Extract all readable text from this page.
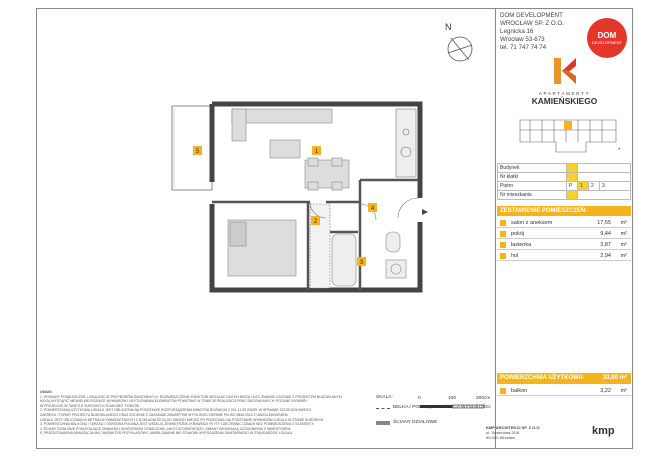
N
DOM DEVELOPMENT
WROCŁAW SP. Z O.O.
Legnicka 16
Wrocław 53-673
tel. 71 747 74 74
DOM
DEVELOPMENT
APARTAMENTY
KAMIEŃSKIEGO
⌖
Budynek				
Nr klatki				
Piętro	P	1	2	3
Nr mieszkania				
ZESTAWIENIE POMIESZCZEŃ:
salon z aneksem	17,55 m²
pokój	9,44 m²
łazienka	3,87 m²
hol	2,94 m²
POWIERZCHNIA UŻYTKOWA:	33,80 m²
balkon	3,22 m²
1
2
3
4
5
UWAGI:
1. WYMIARY POMIESZCZEŃ, LOKALIZACJE PRZYBORÓW SANITARNYCH, ROZMIESZCZENIE PUNKTÓW INSTALACYJNYCH MOGĄ ULEC ZMIANIE ZGODNIE Z PROJEKTEM BUDOWLANYM.
MOGĄ WYSTĄPIĆ NIEWIELKIE RÓŻNICE WYMIARÓW I USYTUOWANIA ELEMENTÓW POWSTAŁE W TRAKCIE REALIZACJI PRAC BUDOWLANYCH. PODANE WYMIARY
W PROJEKCIE W ŚWIETLE SUROWYCH ŚCIAN BEZ TYNKÓW.
2. POWIERZCHNIA UŻYTKOWA LOKALU JEST OBLICZONA NA PODSTAWIE ROZPORZĄDZENIA MINISTRA ROZWOJU Z DN. 11.09.2020R. W SPRAWIE SZCZEGÓŁOWEGO
ZAKRESU I FORMY PROJEKTU BUDOWLANEGO ORAZ ZGODNIE Z ZASADAMI ZAWARTYMI W POLSKIEJ NORMIE PN-ISO 9836:2015 Z UWZGLĘDNIENIEM
LOKALU JEST OBLICZANA W METRACH KWADRATOWYCH Z DOKŁADNOŚCIĄ DO DWÓCH MIEJSC PO PRZECINKU NA PODSTAWIE WYMIARÓW LOKALU W STANIE SUROWYM.
3. POWIERZCHNIA BALKONU / TARASU / OGRÓDKA PODANA JEST WEDŁUG ZEWNĘTRZNEJ KRAWĘDZI PŁYTY LUB GRANIC DZIAŁKI BEZ POMNIEJSZENIA O ELEMENTY.
4. ŚCIANY DZIAŁOWE PODLEGAJĄCE ZMIANOM LOKATORSKIM OZNACZONO JAKO DO DEMONTAŻU; ZMIANY WYMAGAJĄ UZGODNIENIA Z INWESTOREM.
5. PRZEDSTAWIONA ARANŻACJA MA CHARAKTER PRZYKŁADOWY. UMEBLOWANIE NIE STANOWI WYPOSAŻENIA SANITARNEGO W STANDARDZIE LOKALU.
SKALA:	0	100	200cm
BELKA / PODCIĄG / RÓŻNICA WYSOKOŚCI
ŚCIANY DZIAŁOWE
KMP ARCHITEKCI SP. Z O.O.
ul. Swobodna 31/6
50-020 Wrocław
kmp
